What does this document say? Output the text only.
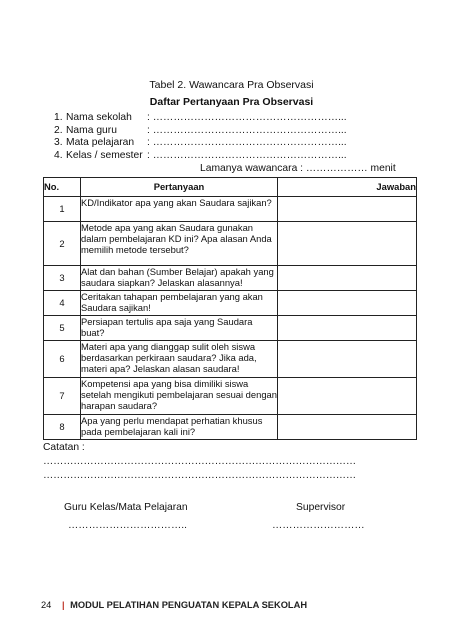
Tabel 2. Wawancara Pra Observasi
Daftar Pertanyaan Pra Observasi
1. Nama sekolah	: ………………………………………………...
2. Nama guru	: ………………………………………………...
3. Mata pelajaran	: ………………………………………………...
4. Kelas / semester : ………………………………………………...
Lamanya wawancara : ……………… menit
No.	Pertanyaan	Jawaban
1	KD/Indikator apa yang akan Saudara sajikan?	
2	Metode apa yang akan Saudara gunakan dalam pembelajaran KD ini? Apa alasan Anda memilih metode tersebut?	
3	Alat dan bahan (Sumber Belajar) apakah yang saudara siapkan? Jelaskan alasannya!	
4	Ceritakan tahapan pembelajaran yang akan Saudara sajikan!	
5	Persiapan tertulis apa saja yang Saudara buat?	
6	Materi apa yang dianggap sulit oleh siswa berdasarkan perkiraan saudara? Jika ada, materi apa? Jelaskan alasan saudara!	
7	Kompetensi apa yang bisa dimiliki siswa setelah mengikuti pembelajaran sesuai dengan harapan saudara?	
8	Apa yang perlu mendapat perhatian khusus pada pembelajaran kali ini?	
Catatan :
…………………………………………………………………………………
…………………………………………………………………………………
Guru Kelas/Mata Pelajaran
……………………………..
Supervisor
………………………
24 | MODUL PELATIHAN PENGUATAN KEPALA SEKOLAH
